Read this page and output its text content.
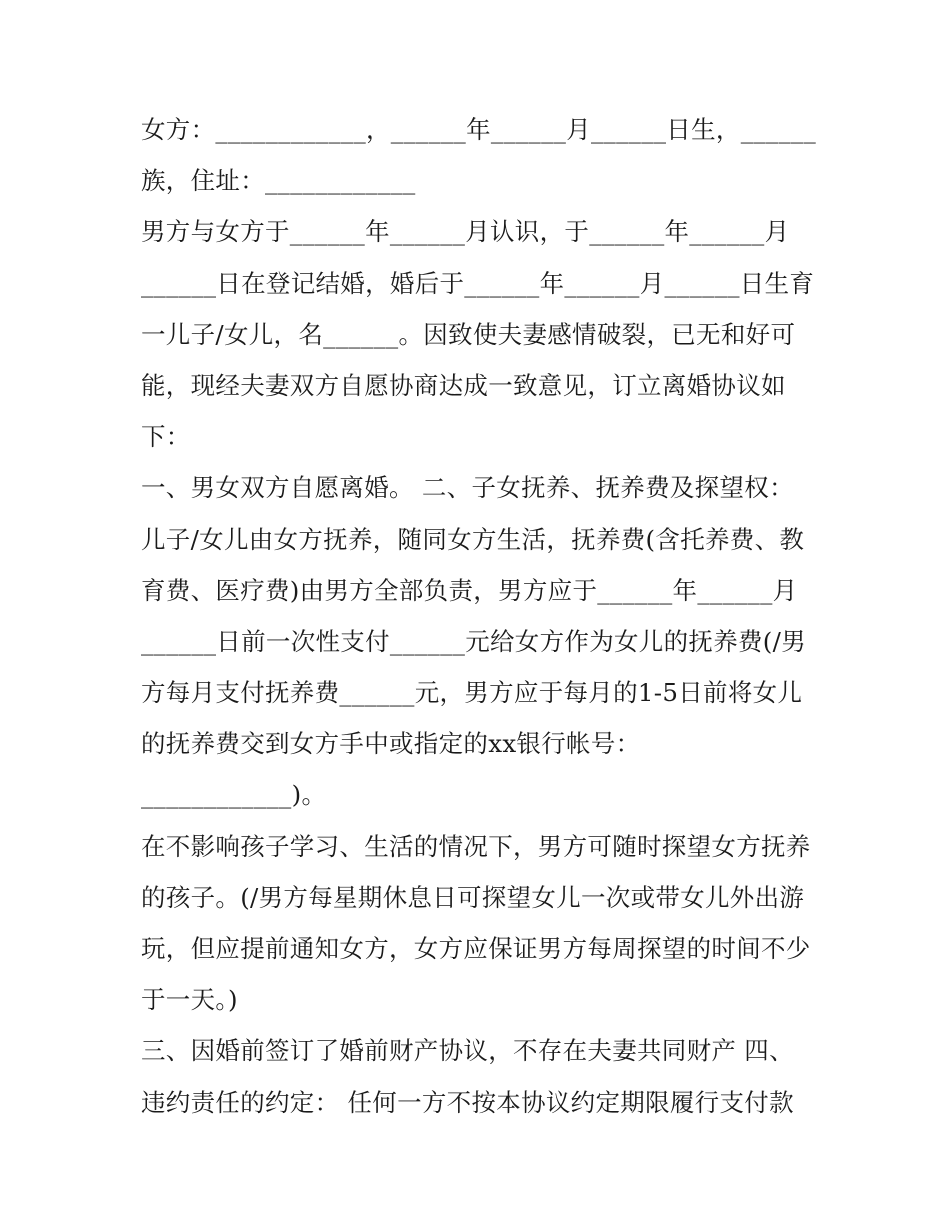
女方：____________，______年______月______日生，______
族，住址：____________
男方与女方于______年______月认识，于______年______月
______日在登记结婚，婚后于______年______月______日生育
一儿子/女儿，名______。因致使夫妻感情破裂，已无和好可
能，现经夫妻双方自愿协商达成一致意见，订立离婚协议如
下：
一、男女双方自愿离婚。 二、子女抚养、抚养费及探望权：
儿子/女儿由女方抚养，随同女方生活，抚养费(含托养费、教
育费、医疗费)由男方全部负责，男方应于______年______月
______日前一次性支付______元给女方作为女儿的抚养费(/男
方每月支付抚养费______元，男方应于每月的1-5日前将女儿
的抚养费交到女方手中或指定的xx银行帐号：
____________)。
在不影响孩子学习、生活的情况下，男方可随时探望女方抚养
的孩子。(/男方每星期休息日可探望女儿一次或带女儿外出游
玩，但应提前通知女方，女方应保证男方每周探望的时间不少
于一天。)
三、因婚前签订了婚前财产协议，不存在夫妻共同财产 四、
违约责任的约定： 任何一方不按本协议约定期限履行支付款
